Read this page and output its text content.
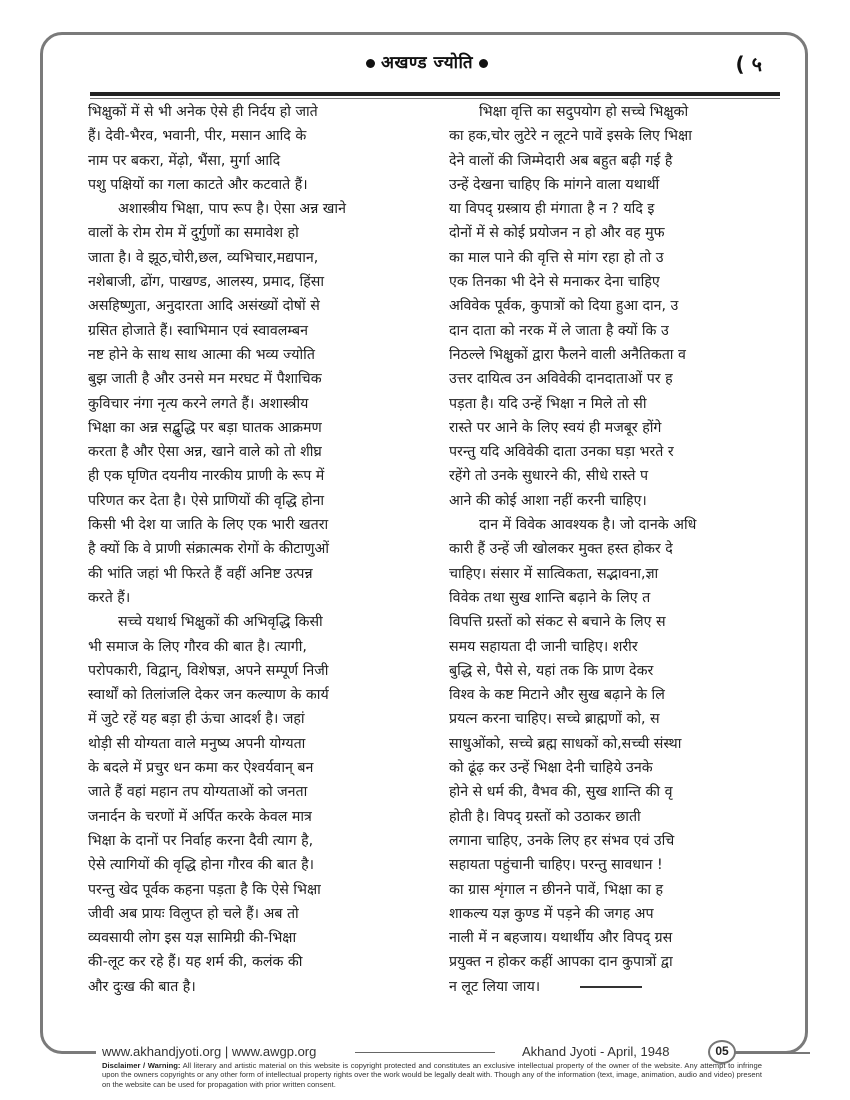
अखण्ड ज्योति	( ५
भिक्षुकों में से भी अनेक ऐसे ही निर्दय हो जाते
हैं। देवी-भैरव, भवानी, पीर, मसान आदि के
नाम पर बकरा, मेंढ़ो, भैंसा, मुर्गा आदि
पशु पक्षियों का गला काटते और कटवाते हैं।
अशास्त्रीय भिक्षा, पाप रूप है। ऐसा अन्न खाने
वालों के रोम रोम में दुर्गुणों का समावेश हो
जाता है। वे झूठ,चोरी,छल, व्यभिचार,मद्यपान,
नशेबाजी, ढोंग, पाखण्ड, आलस्य, प्रमाद, हिंसा
असहिष्णुता, अनुदारता आदि असंख्यों दोषों से
ग्रसित होजाते हैं। स्वाभिमान एवं स्वावलम्बन
नष्ट होने के साथ साथ आत्मा की भव्य ज्योति
बुझ जाती है और उनसे मन मरघट में पैशाचिक
कुविचार नंगा नृत्य करने लगते हैं। अशास्त्रीय
भिक्षा का अन्न सद्बुद्धि पर बड़ा घातक आक्रमण
करता है और ऐसा अन्न, खाने वाले को तो शीघ्र
ही एक घृणित दयनीय नारकीय प्राणी के रूप में
परिणत कर देता है। ऐसे प्राणियों की वृद्धि होना
किसी भी देश या जाति के लिए एक भारी खतरा
है क्यों कि वे प्राणी संक्रात्मक रोगों के कीटाणुओं
की भांति जहां भी फिरते हैं वहीं अनिष्ट उत्पन्न
करते हैं।
सच्चे यथार्थ भिक्षुकों की अभिवृद्धि किसी
भी समाज के लिए गौरव की बात है। त्यागी,
परोपकारी, विद्वान्, विशेषज्ञ, अपने सम्पूर्ण निजी
स्वार्थों को तिलांजलि देकर जन कल्याण के कार्य
में जुटे रहें यह बड़ा ही ऊंचा आदर्श है। जहां
थोड़ी सी योग्यता वाले मनुष्य अपनी योग्यता
के बदले में प्रचुर धन कमा कर ऐश्वर्यवान् बन
जाते हैं वहां महान तप योग्यताओं को जनता
जनार्दन के चरणों में अर्पित करके केवल मात्र
भिक्षा के दानों पर निर्वाह करना दैवी त्याग है,
ऐसे त्यागियों की वृद्धि होना गौरव की बात है।
परन्तु खेद पूर्वक कहना पड़ता है कि ऐसे भिक्षा
जीवी अब प्रायः विलुप्त हो चले हैं। अब तो
व्यवसायी लोग इस यज्ञ सामिग्री की-भिक्षा
की-लूट कर रहे हैं। यह शर्म की, कलंक की
और दुःख की बात है।
भिक्षा वृत्ति का सदुपयोग हो सच्चे भिक्षुको
का हक,चोर लुटेरे न लूटने पावें इसके लिए भिक्षा
देने वालों की जिम्मेदारी अब बहुत बढ़ी गई है
उन्हें देखना चाहिए कि मांगने वाला यथार्थी
या विपद् ग्रस्त्राय ही मंगाता है न ? यदि इ
दोनों में से कोई प्रयोजन न हो और वह मुफ
का माल पाने की वृत्ति से मांग रहा हो तो उ
एक तिनका भी देने से मनाकर देना चाहिए
अविवेक पूर्वक, कुपात्रों को दिया हुआ दान, उ
दान दाता को नरक में ले जाता है क्यों कि उ
निठल्ले भिक्षुकों द्वारा फैलने वाली अनैतिकता व
उत्तर दायित्व उन अविवेकी दानदाताओं पर ह
पड़ता है। यदि उन्हें भिक्षा न मिले तो सी
रास्ते पर आने के लिए स्वयं ही मजबूर होंगे
परन्तु यदि अविवेकी दाता उनका घड़ा भरते र
रहेंगे तो उनके सुधारने की, सीधे रास्ते प
आने की कोई आशा नहीं करनी चाहिए।
दान में विवेक आवश्यक है। जो दानके अधि
कारी हैं उन्हें जी खोलकर मुक्त हस्त होकर दे
चाहिए। संसार में सात्विकता, सद्भावना,ज्ञा
विवेक तथा सुख शान्ति बढ़ाने के लिए त
विपत्ति ग्रस्तों को संकट से बचाने के लिए स
समय सहायता दी जानी चाहिए। शरीर
बुद्धि से, पैसे से, यहां तक कि प्राण देकर
विश्व के कष्ट मिटाने और सुख बढ़ाने के लि
प्रयत्न करना चाहिए। सच्चे ब्राह्मणों को, स
साधुओंको, सच्चे ब्रह्म साधकों को,सच्ची संस्था
को ढूंढ़ कर उन्हें भिक्षा देनी चाहिये उनके
होने से धर्म की, वैभव की, सुख शान्ति की वृ
होती है। विपद् ग्रस्तों को उठाकर छाती
लगाना चाहिए, उनके लिए हर संभव एवं उचि
सहायता पहुंचानी चाहिए। परन्तु सावधान !
का ग्रास शृंगाल न छीनने पावें, भिक्षा का ह
शाकल्य यज्ञ कुण्ड में पड़ने की जगह अप
नाली में न बहजाय। यथार्थीय और विपद् ग्रस
प्रयुक्त न होकर कहीं आपका दान कुपात्रों द्वा
न लूट लिया जाय।
www.akhandjyoti.org | www.awgp.org	Akhand Jyoti - April, 1948	05
Disclaimer / Warning: All literary and artistic material on this website is copyright protected and constitutes an exclusive intellectual property of the owner of the website. Any attempt to infringe upon the owners copyrights or any other form of intellectual property rights over the work would be legally dealt with. Though any of the information (text, image, animation, audio and video) present on the website can be used for propagation with prior written consent.
